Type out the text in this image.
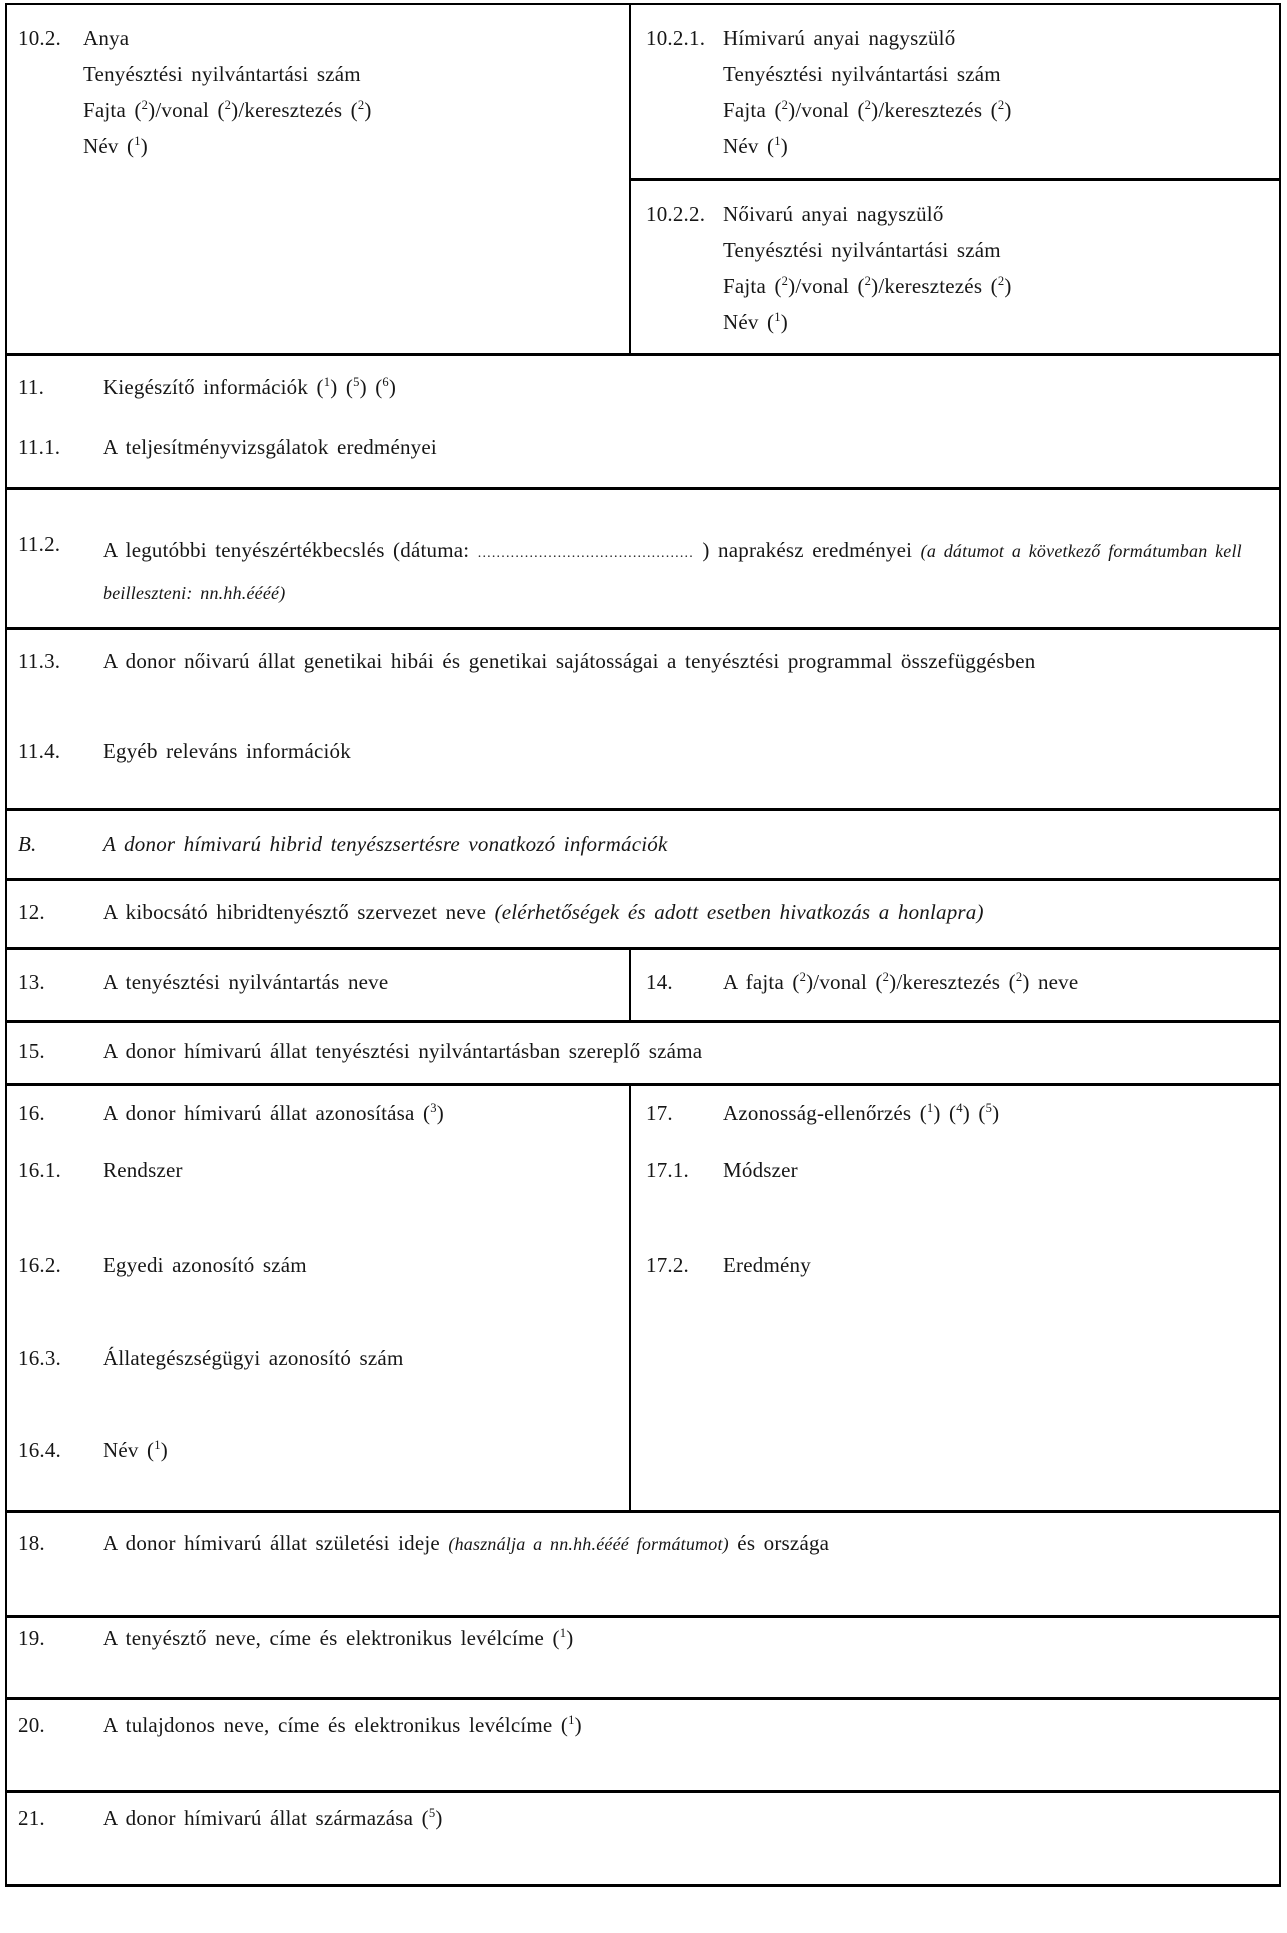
10.2. Anya
Tenyésztési nyilvántartási szám
Fajta ($^2$)/vonal ($^2$)/keresztezés ($^2$)
Név ($^1$)
10.2.1. Hímivarú anyai nagyszülő
Tenyésztési nyilvántartási szám
Fajta ($^2$)/vonal ($^2$)/keresztezés ($^2$)
Név ($^1$)
10.2.2. Nőivarú anyai nagyszülő
Tenyésztési nyilvántartási szám
Fajta ($^2$)/vonal ($^2$)/keresztezés ($^2$)
Név ($^1$)
11.	Kiegészítő információk ($^1$) ($^5$) ($^6$)
11.1. A teljesítményvizsgálatok eredményei
11.2. A legutóbbi tenyészértékbecslés (dátuma: .............................................. ) naprakész eredményei (a dátumot a következő formátumban kell beilleszteni: nn.hh.éééé)
11.3. A donor nőivarú állat genetikai hibái és genetikai sajátosságai a tenyésztési programmal összefüggésben
11.4. Egyéb releváns információk
B.	A donor hímivarú hibrid tenyészsertésre vonatkozó információk
12.	A kibocsátó hibridtenyésztő szervezet neve (elérhetőségek és adott esetben hivatkozás a honlapra)
13.	A tenyésztési nyilvántartás neve	14. A fajta ($^2$)/vonal ($^2$)/keresztezés ($^2$) neve
15.	A donor hímivarú állat tenyésztési nyilvántartásban szereplő száma
16.	A donor hímivarú állat azonosítása ($^3$)
16.1. Rendszer
16.2. Egyedi azonosító szám
16.3. Állategészségügyi azonosító szám
16.4. Név ($^1$)
17. Azonosság-ellenőrzés ($^1$) ($^4$) ($^5$)
17.1. Módszer
17.2. Eredmény
18.	A donor hímivarú állat születési ideje (használja a nn.hh.éééé formátumot) és országa
19.	A tenyésztő neve, címe és elektronikus levélcíme ($^1$)
20.	A tulajdonos neve, címe és elektronikus levélcíme ($^1$)
21.	A donor hímivarú állat származása ($^5$)
